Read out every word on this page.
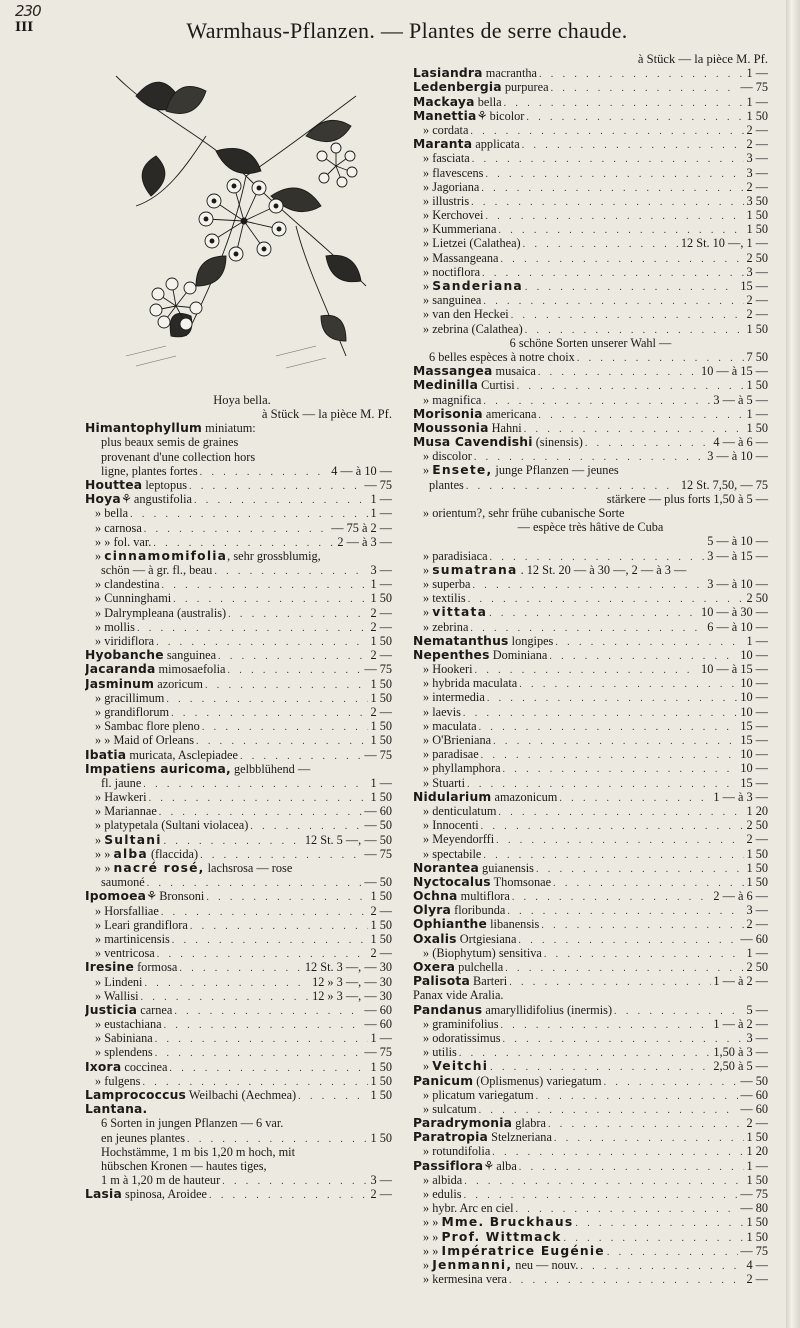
230
ΙΙΙ	Warmhaus-Pflanzen. — Plantes de serre chaude.
Hoya bella.
à Stück — la pièce M. Pf.
Himantophyllum miniatum:
plus beaux semis de graines
provenant d'une collection hors
ligne, plantes fortes . . .	4 — à 10 —
Houttea leptopus . . .	— 75
Hoya⚘ angustifolia . . .	1 —
» bella . . .	1 —
» carnosa . . .	— 75 à 2 —
» » fol. var. . . .	2 — à 3 —
» cinnamomifolia, sehr grossblumig,
schön — à gr. fl., beau . . .	3 —
» clandestina . . .	1 —
» Cunninghami . . .	1 50
» Dalrympleana (australis) . . .	2 —
» mollis . . .	2 —
» viridiflora . . .	1 50
Hyobanche sanguinea . . .	2 —
Jacaranda mimosaefolia . . .	— 75
Jasminum azoricum . . .	1 50
» gracillimum . . .	1 50
» grandiflorum . . .	2 —
» Sambac flore pleno . . .	1 50
» » Maid of Orleans . . .	1 50
Ibatia muricata, Asclepiadee . . .	— 75
Impatiens auricoma, gelbblühend —
fl. jaune . . .	1 —
» Hawkeri . . .	1 50
» Mariannae . . .	— 60
» platypetala (Sultani violacea) . . .	— 50
» Sultani . . .	12 St. 5 —, — 50
» » alba (flaccida) . . .	— 75
» » nacré rosé, lachsrosa — rose
saumoné . . .	— 50
Ipomoea⚘ Bronsoni . . .	1 50
» Horsfalliae . . .	2 —
» Leari grandiflora . . .	1 50
» martinicensis . . .	1 50
» ventricosa . . .	2 —
Iresine formosa . . .	12 St. 3 —, — 30
» Lindeni . . .	12 » 3 —, — 30
» Wallisi . . .	12 » 3 —, — 30
Justicia carnea . . .	— 60
» eustachiana . . .	— 60
» Sabiniana . . .	1 —
» splendens . . .	— 75
Ixora coccinea . . .	1 50
» fulgens . . .	1 50
Lamprococcus Weilbachi (Aechmea) . . .	1 50
Lantana.
6 Sorten in jungen Pflanzen — 6 var.
en jeunes plantes . . .	1 50
Hochstämme, 1 m bis 1,20 m hoch, mit
hübschen Kronen — hautes tiges,
1 m à 1,20 m de hauteur . . .	3 —
Lasia spinosa, Aroidee . . .	2 —
à Stück — la pièce M. Pf.
Lasiandra macrantha . . .	1 —
Ledenbergia purpurea . . .	— 75
Mackaya bella . . .	1 —
Manettia⚘ bicolor . . .	1 50
» cordata . . .	2 —
Maranta applicata . . .	2 —
» fasciata . . .	3 —
» flavescens . . .	3 —
» Jagoriana . . .	2 —
» illustris . . .	3 50
» Kerchovei . . .	1 50
» Kummeriana . . .	1 50
» Lietzei (Calathea) . . .	12 St. 10 —, 1 —
» Massangeana . . .	2 50
» noctiflora . . .	3 —
» Sanderiana . . .	15 —
» sanguinea . . .	2 —
» van den Heckei . . .	2 —
» zebrina (Calathea) . . .	1 50
6 schöne Sorten unserer Wahl —
6 belles espèces à notre choix . . .	7 50
Massangea musaica . . .	10 — à 15 —
Medinilla Curtisi . . .	1 50
» magnifica . . .	3 — à 5 —
Morisonia americana . . .	1 —
Moussonia Hahni . . .	1 50
Musa Cavendishi (sinensis) . . .	4 — à 6 —
» discolor . . .	3 — à 10 —
» Ensete, junge Pflanzen — jeunes
plantes . . .	12 St. 7,50, — 75
stärkere — plus forts 1,50 à 5 —
» orientum?, sehr frühe cubanische Sorte
— espèce très hâtive de Cuba
5 — à 10 —
» paradisiaca . . .	3 — à 15 —
» sumatrana . 12 St. 20 — à 30 —, 2 — à 3 —
» superba . . .	3 — à 10 —
» textilis . . .	2 50
» vittata . . .	10 — à 30 —
» zebrina . . .	6 — à 10 —
Nematanthus longipes . . .	1 —
Nepenthes Dominiana . . .	10 —
» Hookeri . . .	10 — à 15 —
» hybrida maculata . . .	10 —
» intermedia . . .	10 —
» laevis . . .	10 —
» maculata . . .	15 —
» O'Brieniana . . .	15 —
» paradisae . . .	10 —
» phyllamphora . . .	10 —
» Stuarti . . .	15 —
Nidularium amazonicum . . .	1 — à 3 —
» denticulatum . . .	1 20
» Innocenti . . .	2 50
» Meyendorffi . . .	2 —
» spectabile . . .	1 50
Norantea guianensis . . .	1 50
Nyctocalus Thomsonae . . .	1 50
Ochna multiflora . . .	2 — à 6 —
Olyra floribunda . . .	3 —
Ophianthe libanensis . . .	2 —
Oxalis Ortgiesiana . . .	— 60
» (Biophytum) sensitiva . . .	1 —
Oxera pulchella . . .	2 50
Palisota Barteri . . .	1 — à 2 —
Panax vide Aralia.
Pandanus amaryllidifolius (inermis) . . .	5 —
» graminifolius . . .	1 — à 2 —
» odoratissimus . . .	3 —
» utilis . . .	1,50 à 3 —
» Veitchi . . .	2,50 à 5 —
Panicum (Oplismenus) variegatum . . .	— 50
» plicatum variegatum . . .	— 60
» sulcatum . . .	— 60
Paradrymonia glabra . . .	2 —
Paratropia Stelzneriana . . .	1 50
» rotundifolia . . .	1 20
Passiflora⚘ alba . . .	1 —
» albida . . .	1 50
» edulis . . .	— 75
» hybr. Arc en ciel . . .	— 80
» » Mme. Bruckhaus . . .	1 50
» » Prof. Wittmack . . .	1 50
» » Impératrice Eugénie . . .	— 75
» Jenmanni, neu — nouv. . . .	4 —
» kermesina vera . . .	2 —
